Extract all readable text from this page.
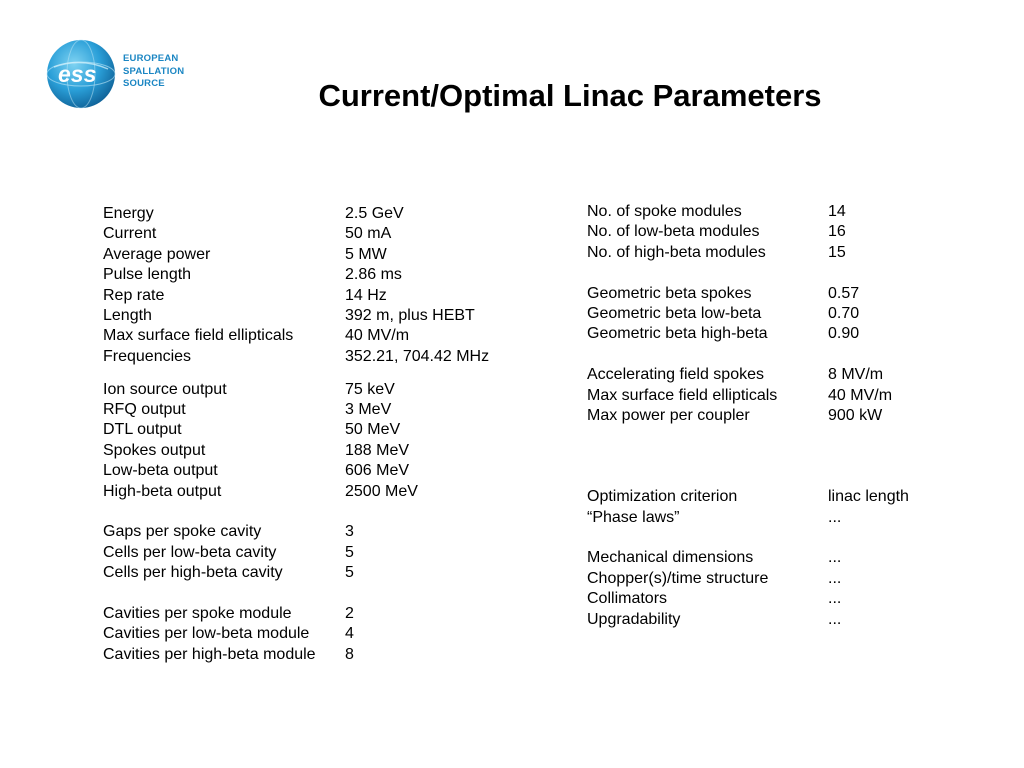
ess
EUROPEAN
SPALLATION
SOURCE	Current/Optimal Linac Parameters
Energy	2.5 GeV
Current	50 mA
Average power	5 MW
Pulse length	2.86 ms
Rep rate	14 Hz
Length	392 m, plus HEBT
Max surface field ellipticals	40 MV/m
Frequencies	352.21, 704.42 MHz
Ion source output	75 keV
RFQ output	3 MeV
DTL output	50 MeV
Spokes output	188 MeV
Low-beta output	606 MeV
High-beta output	2500 MeV
Gaps per spoke cavity	3
Cells per low-beta cavity	5
Cells per high-beta cavity	5
Cavities per spoke module	2
Cavities per low-beta module 4
Cavities per high-beta module 8
No. of spoke modules	14
No. of low-beta modules	16
No. of high-beta modules	15
Geometric beta spokes	0.57
Geometric beta low-beta	0.70
Geometric beta high-beta	0.90
Accelerating field spokes	8 MV/m
Max surface field ellipticals	40 MV/m
Max power per coupler	900 kW
Optimization criterion	linac length
“Phase laws”	...
Mechanical dimensions	...
Chopper(s)/time structure	...
Collimators	...
Upgradability	...
